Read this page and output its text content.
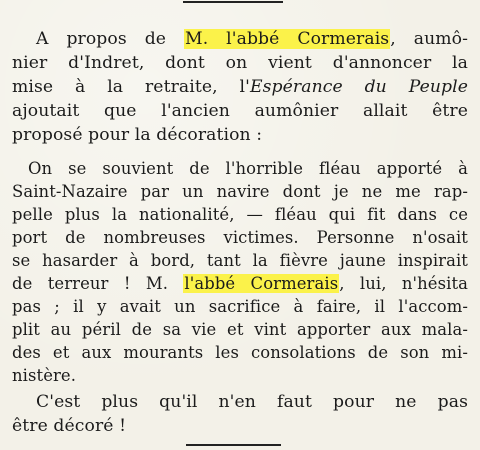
A propos de M. l'abbé Cormerais, aumô-
nier d'Indret, dont on vient d'annoncer la
mise à la retraite, l'Espérance du Peuple
ajoutait que l'ancien aumônier allait être
proposé pour la décoration :
On se souvient de l'horrible fléau apporté à
Saint-Nazaire par un navire dont je ne me rap-
pelle plus la nationalité, — fléau qui fit dans ce
port de nombreuses victimes. Personne n'osait
se hasarder à bord, tant la fièvre jaune inspirait
de terreur ! M. l'abbé Cormerais, lui, n'hésita
pas ; il y avait un sacrifice à faire, il l'accom-
plit au péril de sa vie et vint apporter aux mala-
des et aux mourants les consolations de son mi-
nistère.
C'est plus qu'il n'en faut pour ne pas
être décoré !
